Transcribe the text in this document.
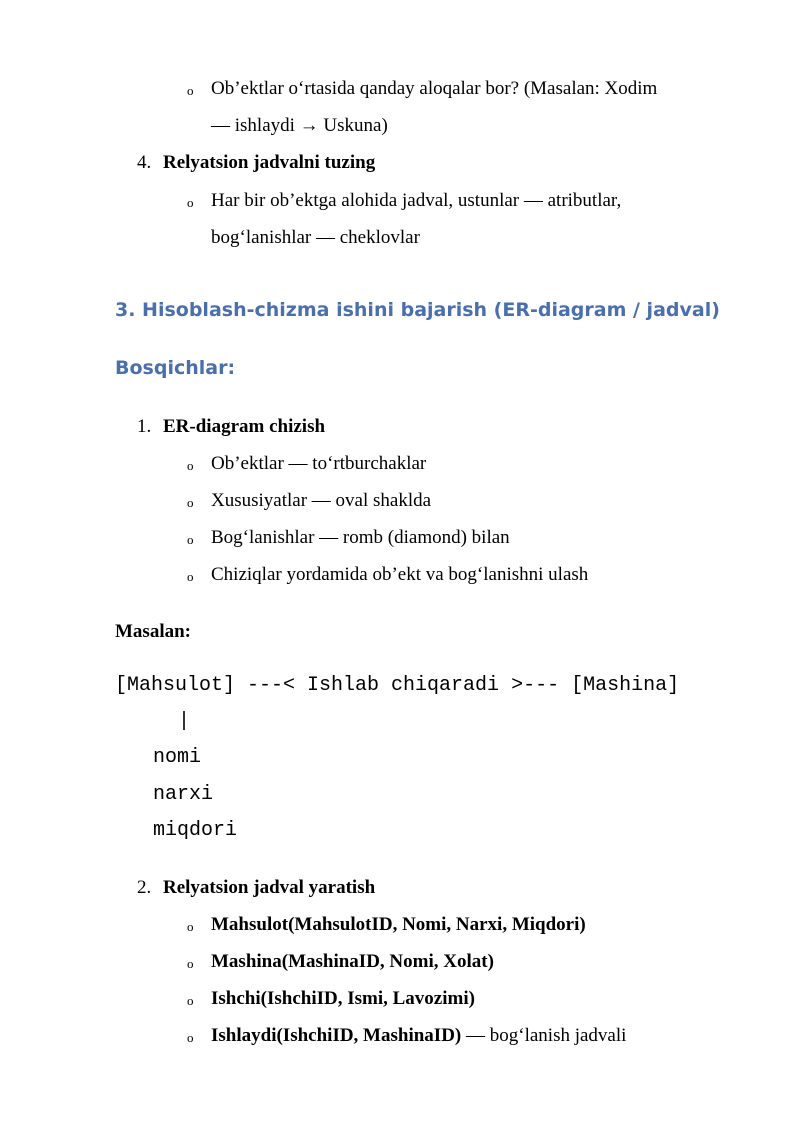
o Ob’ektlar o‘rtasida qanday aloqalar bor? (Masalan: Xodim
— ishlaydi → Uskuna)
4. Relyatsion jadvalni tuzing
o Har bir ob’ektga alohida jadval, ustunlar — atributlar,
bog‘lanishlar — cheklovlar
3. Hisoblash-chizma ishini bajarish (ER-diagram / jadval)
Bosqichlar:
1. ER-diagram chizish
o Ob’ektlar — to‘rtburchaklar
o Xususiyatlar — oval shaklda
o Bog‘lanishlar — romb (diamond) bilan
o Chiziqlar yordamida ob’ekt va bog‘lanishni ulash
Masalan:
[Mahsulot] ---< Ishlab chiqaradi >--- [Mashina]
|
nomi
narxi
miqdori
2. Relyatsion jadval yaratish
o Mahsulot(MahsulotID, Nomi, Narxi, Miqdori)
o Mashina(MashinaID, Nomi, Xolat)
o Ishchi(IshchiID, Ismi, Lavozimi)
o Ishlaydi(IshchiID, MashinaID) — bog‘lanish jadvali
